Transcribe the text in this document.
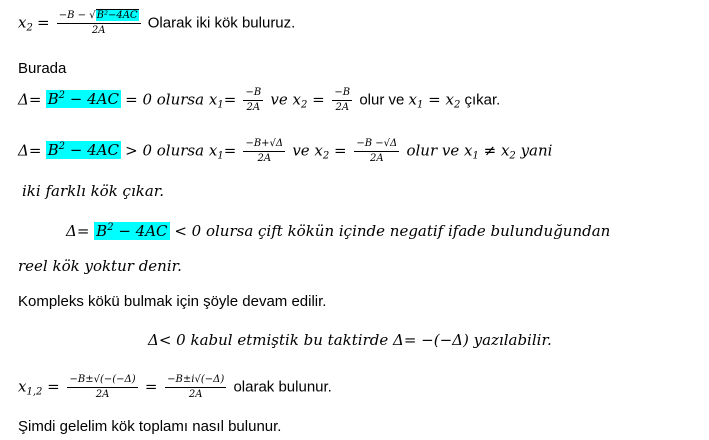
$x_2 = \frac{\text{−B − √B²−4AC}}{2A}$ Olarak iki kök buluruz.
Burada
$\Delta= B^2 - 4AC = 0$ olursa $x_1= \frac{-B}{2A}$ ve $x_2 = \frac{-B}{2A}$ olur ve $x_1 = x_2$ çıkar.
$\Delta= B^2 - 4AC > 0$ olursa $x_1= \frac{-B+√\Delta}{2A}$ ve $x_2 = \frac{-B -√\Delta}{2A}$ olur ve $x_1 \ne x_2$ yani
iki farklı kök çıkar.
$\Delta= B^2 - 4AC < 0$ olursa çift kökün içinde negatif ifade bulunduğundan
reel kök yoktur denir.
Kompleks kökü bulmak için şöyle devam edilir.
Δ< 0 kabul etmiştik bu taktirde Δ= −(−Δ) yazılabilir.
$x_{1,2} = \frac{-B\pm√(-(-\Delta)}{2A} = \frac{-B\pm i√(-\Delta)}{2A}$ olarak bulunur.
Şimdi gelelim kök toplamı nasıl bulunur.
